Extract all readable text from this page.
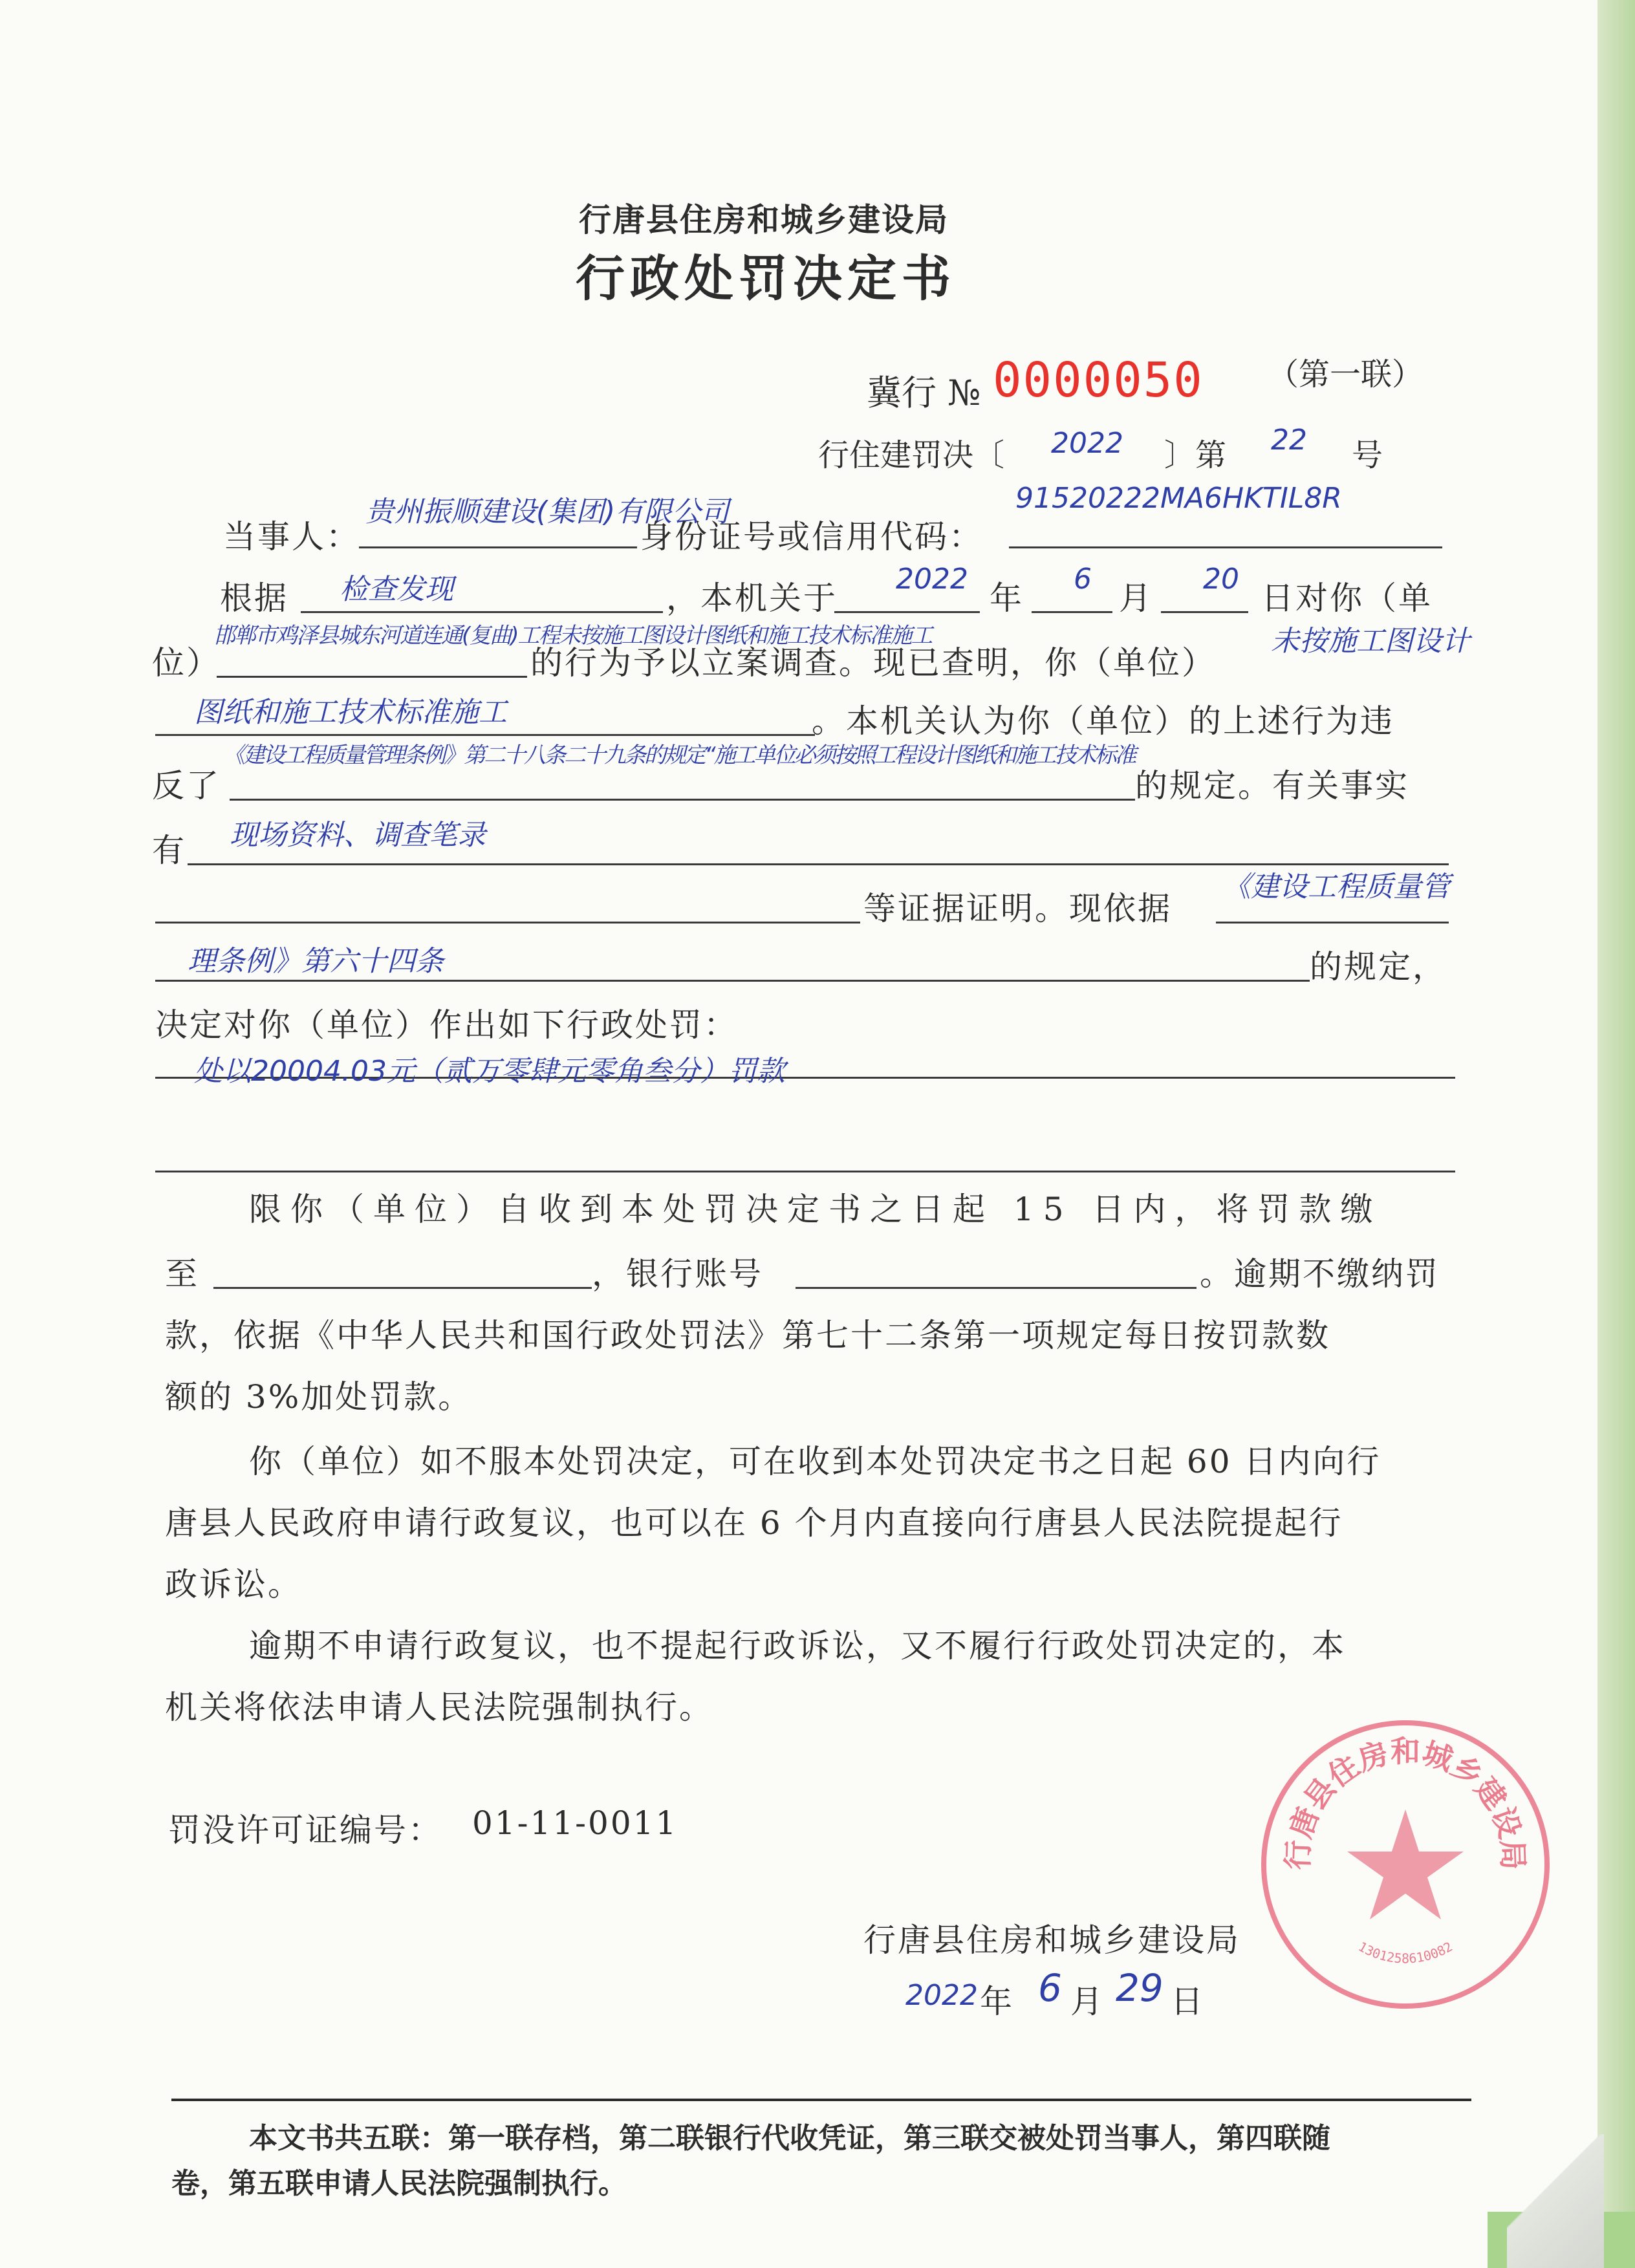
行唐县住房和城乡建设局
行政处罚决定书
冀行 № 0000050 （第一联）
行住建罚决〔 2022 〕第 22 号
当事人：
贵州振顺建设(集团)有限公司
身份证号或信用代码：
91520222MA6HKTIL8R
根据 检查发现	，本机关于
2022
年
6
月
20
日对你（单
位）
邯郸市鸡泽县城东河道连通(复曲)工程未按施工图设计图纸和施工技术标准施工
的行为予以立案调查。现已查明，你（单位）
未按施工图设计
图纸和施工技术标准施工	。本机关认为你（单位）的上述行为违
反了
《建设工程质量管理条例》第二十八条二十九条的规定“施工单位必须按照工程设计图纸和施工技术标准
的规定。有关事实
有 现场资料、调查笔录
等证据证明。现依据
《建设工程质量管
理条例》第六十四条	的规定，
决定对你（单位）作出如下行政处罚：
处以20004.03元（贰万零肆元零角叁分）罚款
限你（单位）自收到本处罚决定书之日起 15 日内，将罚款缴
至	，银行账号	。逾期不缴纳罚
款，依据《中华人民共和国行政处罚法》第七十二条第一项规定每日按罚款数
额的 3%加处罚款。
你（单位）如不服本处罚决定，可在收到本处罚决定书之日起 60 日内向行
唐县人民政府申请行政复议，也可以在 6 个月内直接向行唐县人民法院提起行
政诉讼。
逾期不申请行政复议，也不提起行政诉讼，又不履行行政处罚决定的，本
机关将依法申请人民法院强制执行。
罚没许可证编号： 01-11-0011
行唐县住房和城乡建设局
2022 年 6 月 29 日
行唐县住房和城乡建设局
1301258610082
本文书共五联：第一联存档，第二联银行代收凭证，第三联交被处罚当事人，第四联随
卷，第五联申请人民法院强制执行。
